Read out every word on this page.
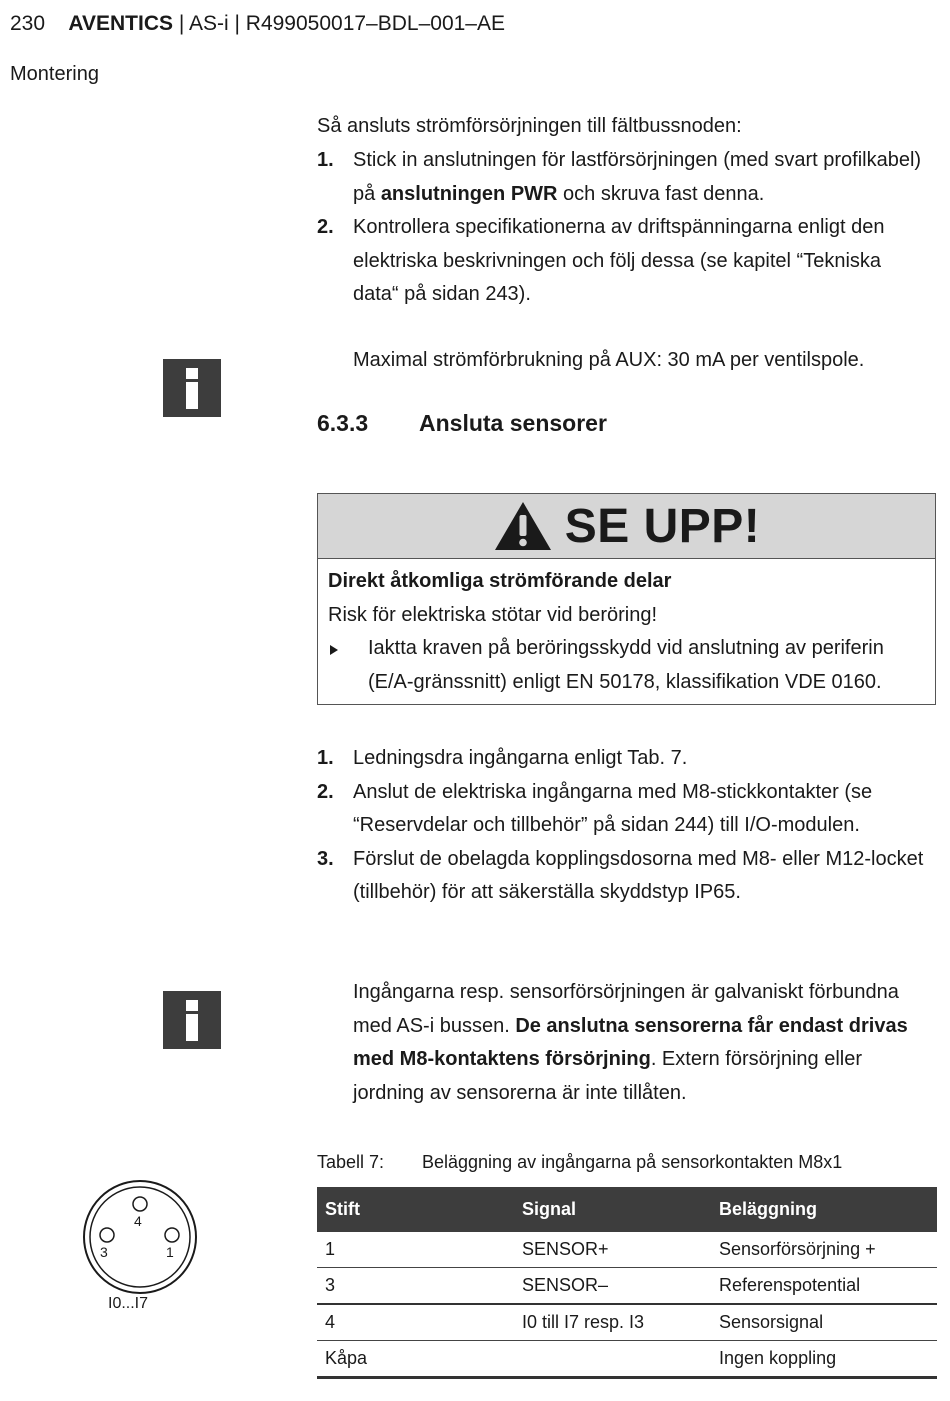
230 AVENTICS | AS-i | R499050017–BDL–001–AE
Montering
Så ansluts strömförsörjningen till fältbussnoden:
1. Stick in anslutningen för lastförsörjningen (med svart profilkabel) på anslutningen PWR och skruva fast denna.
2. Kontrollera specifikationerna av driftspänningarna enligt den elektriska beskrivningen och följ dessa (se kapitel “Tekniska data“ på sidan 243).
Maximal strömförbrukning på AUX: 30 mA per ventilspole.
6.3.3 Ansluta sensorer
SE UPP!
Direkt åtkomliga strömförande delar
Risk för elektriska stötar vid beröring!
Iaktta kraven på beröringsskydd vid anslutning av periferin (E/A-gränssnitt) enligt EN 50178, klassifikation VDE 0160.
1. Ledningsdra ingångarna enligt Tab. 7.
2. Anslut de elektriska ingångarna med M8-stickkontakter (se “Reservdelar och tillbehör” på sidan 244) till I/O-modulen.
3. Förslut de obelagda kopplingsdosorna med M8- eller M12-locket (tillbehör) för att säkerställa skyddstyp IP65.
Ingångarna resp. sensorförsörjningen är galvaniskt förbundna med AS-i bussen. De anslutna sensorerna får endast drivas med M8-kontaktens försörjning. Extern försörjning eller jordning av sensorerna är inte tillåten.
4
3	1
I0...I7
Tabell 7: Beläggning av ingångarna på sensorkontakten M8x1
Stift	Signal	Beläggning
1	SENSOR+	Sensorförsörjning +
3	SENSOR–	Referenspotential
4	I0 till I7 resp. I3	Sensorsignal
Kåpa		Ingen koppling
